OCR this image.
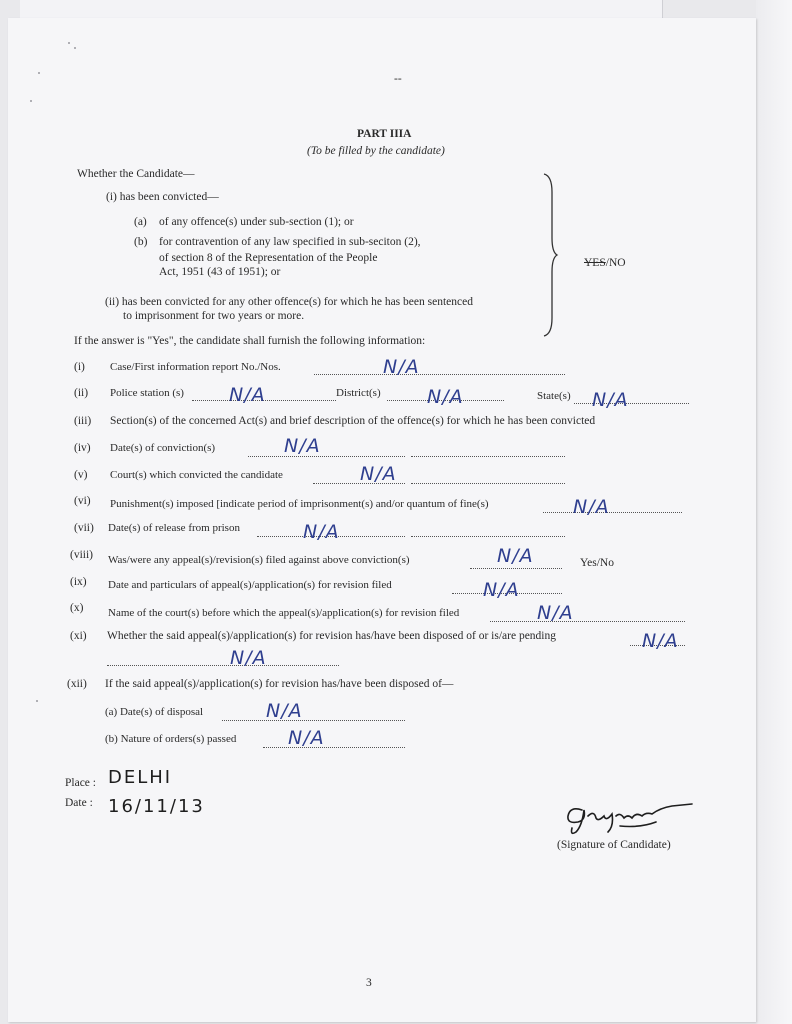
--
PART IIIA
(To be filled by the candidate)
Whether the Candidate—
(i) has been convicted—
(a) of any offence(s) under sub-section (1); or
(b) for contravention of any law specified in sub-seciton (2),
of section 8 of the Representation of the People
Act, 1951 (43 of 1951); or
(ii) has been convicted for any other offence(s) for which he has been sentenced
to imprisonment for two years or more.
YES/NO
If the answer is "Yes", the candidate shall furnish the following information:
(i) Case/First information report No./Nos.	N/A
(ii) Police station (s) N/A	District(s) N/A	State(s) N/A
(iii) Section(s) of the concerned Act(s) and brief description of the offence(s) for which he has been convicted
(iv) Date(s) of conviction(s)	N/A
(v) Court(s) which convicted the candidate	N/A
(vi) Punishment(s) imposed [indicate period of imprisonment(s) and/or quantum of fine(s)	N/A
(vii) Date(s) of release from prison	N/A
(viii) Was/were any appeal(s)/revision(s) filed against above conviction(s)	N/A	Yes/No
(ix) Date and particulars of appeal(s)/application(s) for revision filed	N/A
(x) Name of the court(s) before which the appeal(s)/application(s) for revision filed	N/A
(xi) Whether the said appeal(s)/application(s) for revision has/have been disposed of or is/are pending	N/A
N/A
(xii) If the said appeal(s)/application(s) for revision has/have been disposed of—
(a) Date(s) of disposal	N/A
(b) Nature of orders(s) passed	N/A
Place : DELHI
Date : 16/11/13
(Signature of Candidate)
3
